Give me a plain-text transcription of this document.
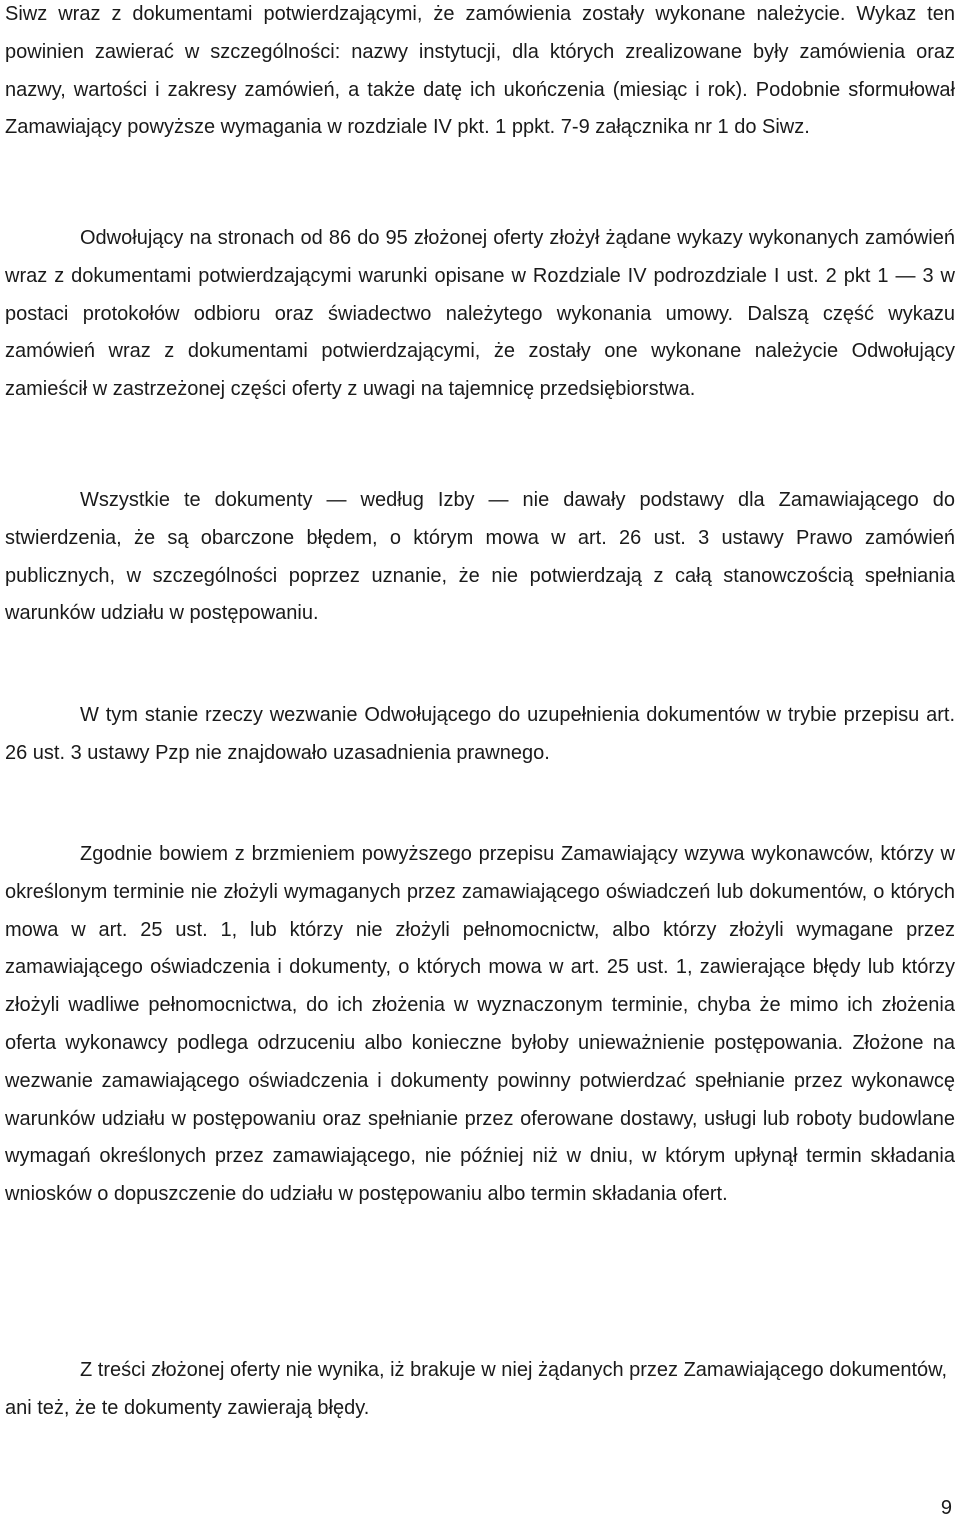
Siwz wraz z dokumentami potwierdzającymi, że zamówienia zostały wykonane należycie. Wykaz ten powinien zawierać w szczególności: nazwy instytucji, dla których zrealizowane były zamówienia oraz nazwy, wartości i zakresy zamówień, a także datę ich ukończenia (miesiąc i rok). Podobnie sformułował Zamawiający powyższe wymagania w rozdziale IV pkt. 1 ppkt. 7-9 załącznika nr 1 do Siwz.

Odwołujący na stronach od 86 do 95 złożonej oferty złożył żądane wykazy wykonanych zamówień wraz z dokumentami potwierdzającymi warunki opisane w Rozdziale IV podrozdziale I ust. 2 pkt 1 — 3 w postaci protokołów odbioru oraz świadectwo należytego wykonania umowy. Dalszą część wykazu zamówień wraz z dokumentami potwierdzającymi, że zostały one wykonane należycie Odwołujący zamieścił w zastrzeżonej części oferty z uwagi na tajemnicę przedsiębiorstwa.

Wszystkie te dokumenty — według Izby — nie dawały podstawy dla Zamawiającego do stwierdzenia, że są obarczone błędem, o którym mowa w art. 26 ust. 3 ustawy Prawo zamówień publicznych, w szczególności poprzez uznanie, że nie potwierdzają z całą stanowczością spełniania warunków udziału w postępowaniu.

W tym stanie rzeczy wezwanie Odwołującego do uzupełnienia dokumentów w trybie przepisu art. 26 ust. 3 ustawy Pzp nie znajdowało uzasadnienia prawnego.

Zgodnie bowiem z brzmieniem powyższego przepisu Zamawiający wzywa wykonawców, którzy w określonym terminie nie złożyli wymaganych przez zamawiającego oświadczeń lub dokumentów, o których mowa w art. 25 ust. 1, lub którzy nie złożyli pełnomocnictw, albo którzy złożyli wymagane przez zamawiającego oświadczenia i dokumenty, o których mowa w art. 25 ust. 1, zawierające błędy lub którzy złożyli wadliwe pełnomocnictwa, do ich złożenia w wyznaczonym terminie, chyba że mimo ich złożenia oferta wykonawcy podlega odrzuceniu albo konieczne byłoby unieważnienie postępowania. Złożone na wezwanie zamawiającego oświadczenia i dokumenty powinny potwierdzać spełnianie przez wykonawcę warunków udziału w postępowaniu oraz spełnianie przez oferowane dostawy, usługi lub roboty budowlane wymagań określonych przez zamawiającego, nie później niż w dniu, w którym upłynął termin składania wniosków o dopuszczenie do udziału w postępowaniu albo termin składania ofert.

Z treści złożonej oferty nie wynika, iż brakuje w niej żądanych przez Zamawiającego dokumentów, ani też, że te dokumenty zawierają błędy.

9
